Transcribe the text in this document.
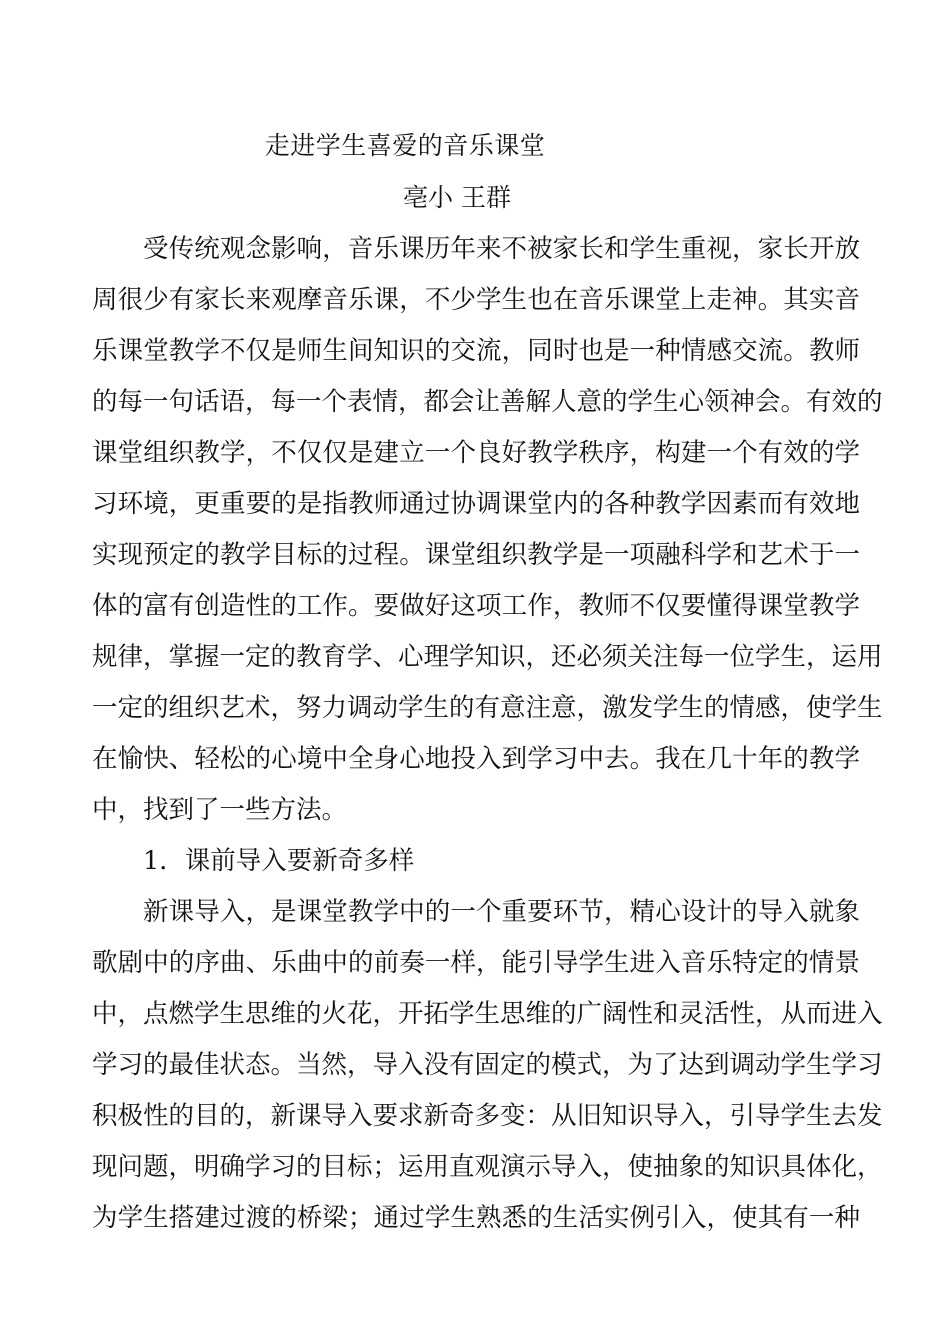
走进学生喜爱的音乐课堂
亳小 王群
受传统观念影响，音乐课历年来不被家长和学生重视，家长开放
周很少有家长来观摩音乐课，不少学生也在音乐课堂上走神。其实音
乐课堂教学不仅是师生间知识的交流，同时也是一种情感交流。教师
的每一句话语，每一个表情，都会让善解人意的学生心领神会。有效的
课堂组织教学，不仅仅是建立一个良好教学秩序，构建一个有效的学
习环境，更重要的是指教师通过协调课堂内的各种教学因素而有效地
实现预定的教学目标的过程。课堂组织教学是一项融科学和艺术于一
体的富有创造性的工作。要做好这项工作，教师不仅要懂得课堂教学
规律，掌握一定的教育学、心理学知识，还必须关注每一位学生，运用
一定的组织艺术，努力调动学生的有意注意，激发学生的情感，使学生
在愉快、轻松的心境中全身心地投入到学习中去。我在几十年的教学
中，找到了一些方法。
1．课前导入要新奇多样
新课导入，是课堂教学中的一个重要环节，精心设计的导入就象
歌剧中的序曲、乐曲中的前奏一样，能引导学生进入音乐特定的情景
中，点燃学生思维的火花，开拓学生思维的广阔性和灵活性，从而进入
学习的最佳状态。当然，导入没有固定的模式，为了达到调动学生学习
积极性的目的，新课导入要求新奇多变：从旧知识导入，引导学生去发
现问题，明确学习的目标；运用直观演示导入，使抽象的知识具体化，
为学生搭建过渡的桥梁；通过学生熟悉的生活实例引入，使其有一种
